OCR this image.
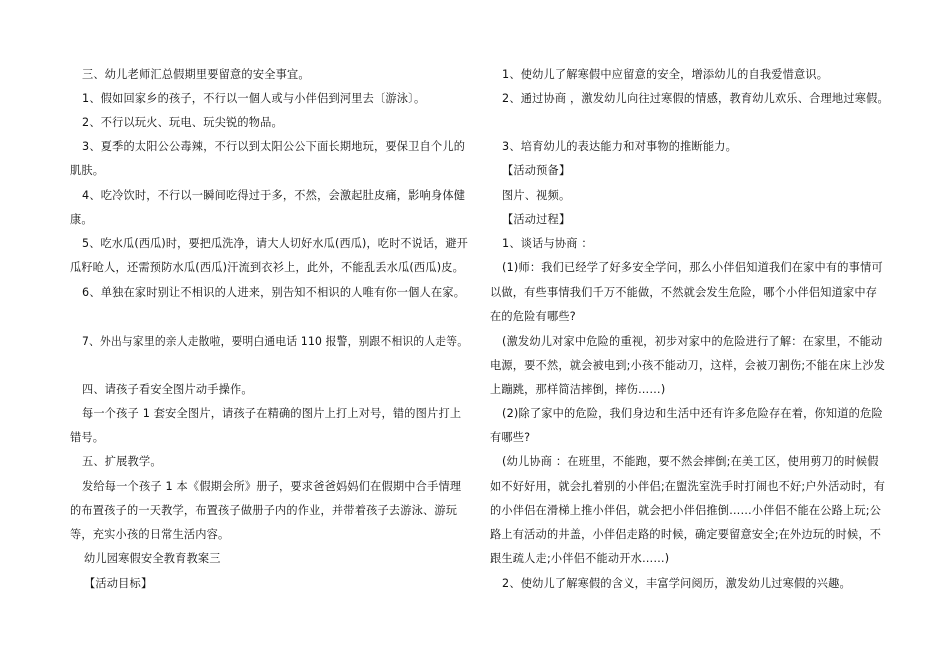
三、幼儿老师汇总假期里要留意的安全事宜。
1、假如回家乡的孩子，不行以一個人或与小伴侣到河里去〔游泳〕。
2、不行以玩火、玩电、玩尖锐的物品。
3、夏季的太阳公公毒辣，不行以到太阳公公下面长期地玩，要保卫自个儿的
肌肤。
4、吃冷饮时，不行以一瞬间吃得过于多，不然，会激起肚皮痛，影响身体健
康。
5、吃水瓜(西瓜)时，要把瓜洗净，请大人切好水瓜(西瓜)，吃时不说话，避开
瓜籽呛人，还需预防水瓜(西瓜)汗流到衣衫上，此外，不能乱丢水瓜(西瓜)皮。
6、单独在家时别让不相识的人进来，别告知不相识的人唯有你一個人在家。
7、外出与家里的亲人走散啦，要明白通电话 110 报警，别跟不相识的人走等。
四、请孩子看安全图片动手操作。
每一个孩子 1 套安全图片，请孩子在精确的图片上打上对号，错的图片打上
错号。
五、扩展教学。
发给每一个孩子 1 本《假期会所》册子，要求爸爸妈妈们在假期中合手情理
的布置孩子的一天教学，布置孩子做册子内的作业，并带着孩子去游泳、游玩
等，充实小孩的日常生活内容。
幼儿园寒假安全教育教案三
【活动目标】
1、使幼儿了解寒假中应留意的安全，增添幼儿的自我爱惜意识。
2、通过协商 ，激发幼儿向往过寒假的情感，教育幼儿欢乐、合理地过寒假。
3、培育幼儿的表达能力和对事物的推断能力。
【活动预备】
图片、视频。
【活动过程】
1、谈话与协商 ：
(1)师：我们已经学了好多安全学问，那么小伴侣知道我们在家中有的事情可
以做，有些事情我们千万不能做，不然就会发生危险，哪个小伴侣知道家中存
在的危险有哪些?
(激发幼儿对家中危险的重视，初步对家中的危险进行了解：在家里，不能动
电源，要不然，就会被电到;小孩不能动刀，这样，会被刀割伤;不能在床上沙发
上蹦跳，那样简洁摔倒，摔伤……)
(2)除了家中的危险，我们身边和生活中还有许多危险存在着，你知道的危险
有哪些?
(幼儿协商 ：在班里，不能跑，要不然会摔倒;在美工区，使用剪刀的时候假
如不好好用，就会扎着别的小伴侣;在盥洗室洗手时打闹也不好;户外活动时，有
的小伴侣在滑梯上推小伴侣，就会把小伴侣推倒……小伴侣不能在公路上玩;公
路上有活动的井盖，小伴侣走路的时候，确定要留意安全;在外边玩的时候，不
跟生疏人走;小伴侣不能动开水……)
2、使幼儿了解寒假的含义，丰富学问阅历，激发幼儿过寒假的兴趣。
